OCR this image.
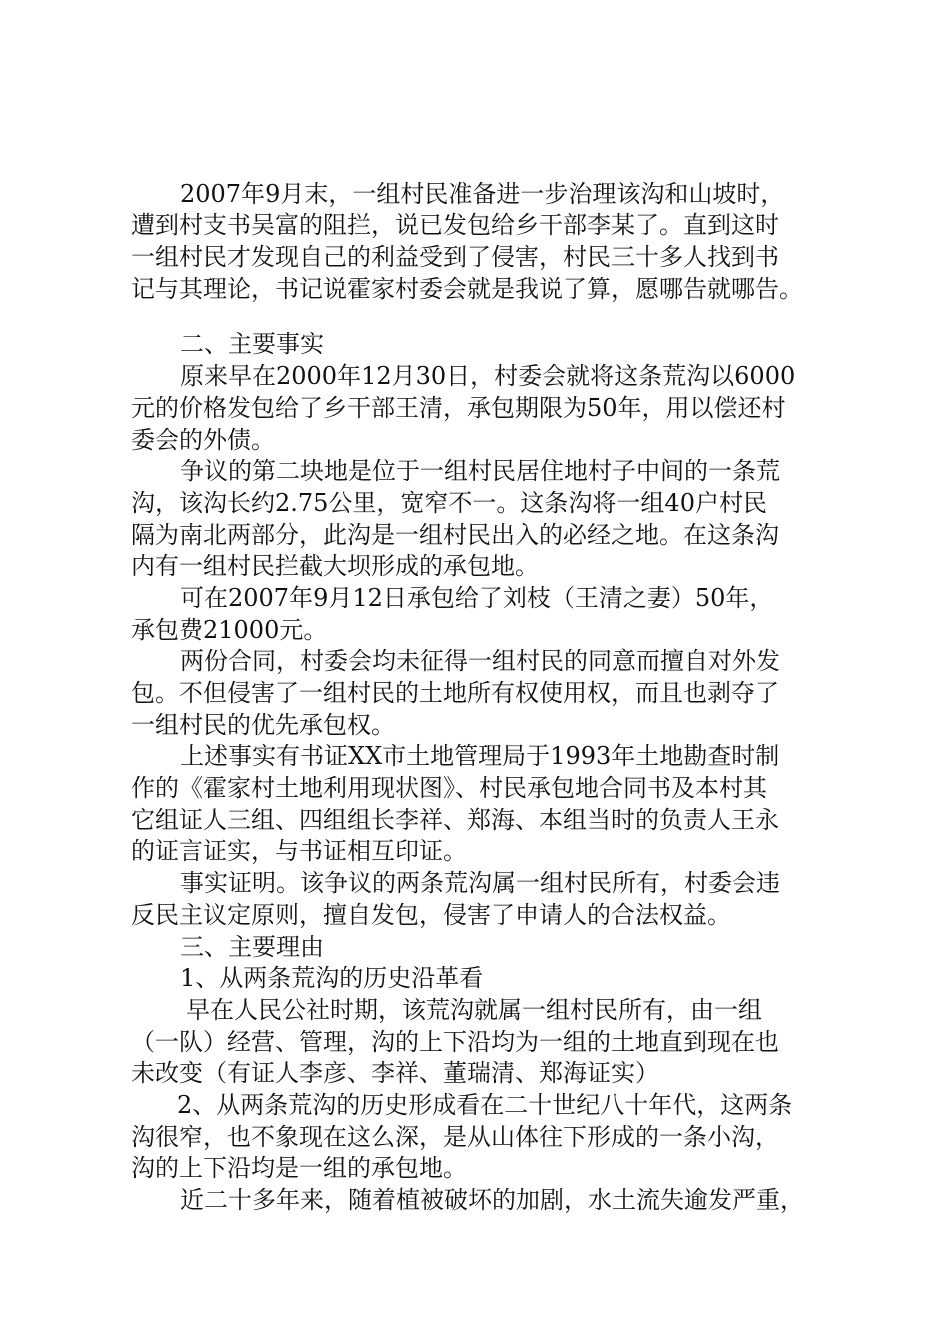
2007年9月末，一组村民准备进一步治理该沟和山坡时，
遭到村支书吴富的阻拦，说已发包给乡干部李某了。直到这时
一组村民才发现自己的利益受到了侵害，村民三十多人找到书
记与其理论，书记说霍家村委会就是我说了算，愿哪告就哪告。
二、主要事实
原来早在2000年12月30日，村委会就将这条荒沟以6000
元的价格发包给了乡干部王清，承包期限为50年，用以偿还村
委会的外债。
争议的第二块地是位于一组村民居住地村子中间的一条荒
沟，该沟长约2.75公里，宽窄不一。这条沟将一组40户村民
隔为南北两部分，此沟是一组村民出入的必经之地。在这条沟
内有一组村民拦截大坝形成的承包地。
可在2007年9月12日承包给了刘枝（王清之妻）50年，
承包费21000元。
两份合同，村委会均未征得一组村民的同意而擅自对外发
包。不但侵害了一组村民的土地所有权使用权，而且也剥夺了
一组村民的优先承包权。
上述事实有书证XX市土地管理局于1993年土地勘查时制
作的《霍家村土地利用现状图》、村民承包地合同书及本村其
它组证人三组、四组组长李祥、郑海、本组当时的负责人王永
的证言证实，与书证相互印证。
事实证明。该争议的两条荒沟属一组村民所有，村委会违
反民主议定原则，擅自发包，侵害了申请人的合法权益。
三、主要理由
1、从两条荒沟的历史沿革看
早在人民公社时期，该荒沟就属一组村民所有，由一组
（一队）经营、管理，沟的上下沿均为一组的土地直到现在也
未改变（有证人李彦、李祥、董瑞清、郑海证实）
2、从两条荒沟的历史形成看在二十世纪八十年代，这两条
沟很窄，也不象现在这么深，是从山体往下形成的一条小沟，
沟的上下沿均是一组的承包地。
近二十多年来，随着植被破坏的加剧，水土流失逾发严重，
